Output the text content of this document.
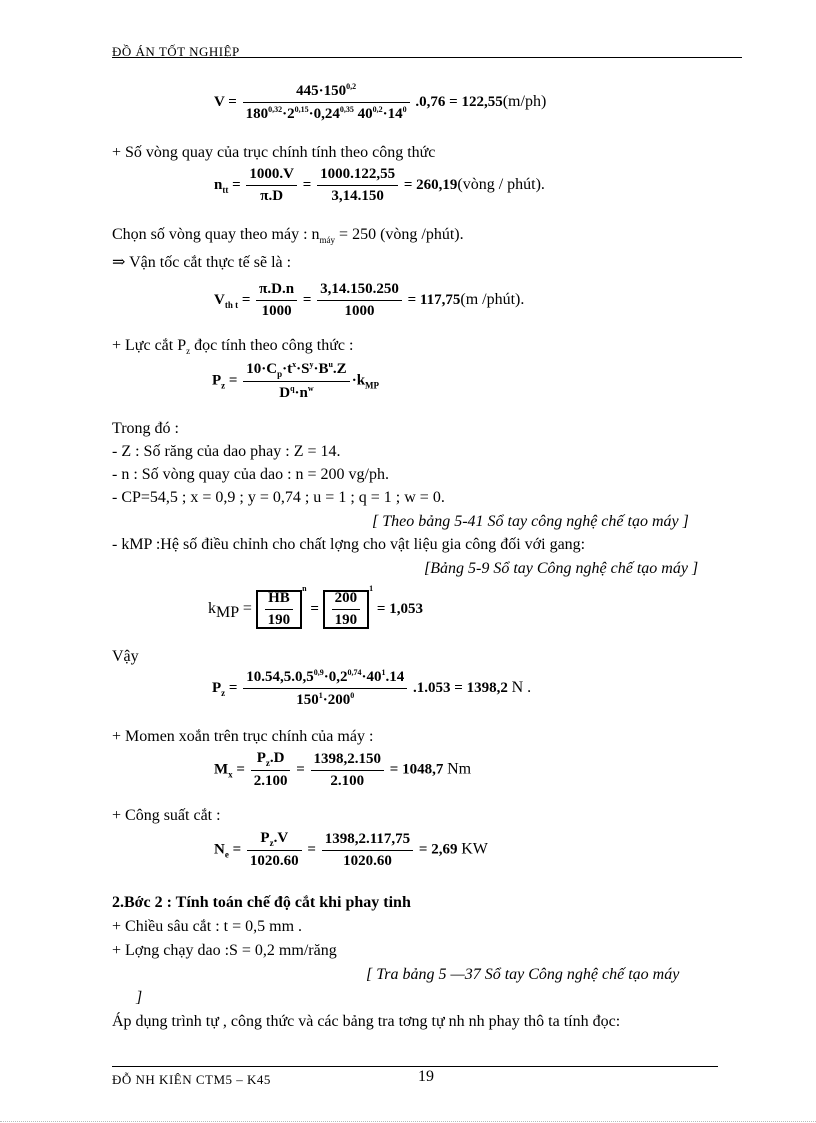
ĐỒ ÁN TỐT NGHIỆP
$V = \frac{445\cdot 150^{0,2}}{180^{0,32}\cdot 2^{0,15}\cdot 0,24^{0,35} 40^{0,2}\cdot 14^0} .0,76 = 122,55(m/ph)$
+ Số vòng quay của trục chính tính theo công thức
$n_{tt} = \frac{1000.V}{\pi.D} = \frac{1000.122,55}{3,14.150}$ = 260,19(vòng / phút).
Chọn số vòng quay theo máy : $n_{máy} = 250$ (vòng /phút).
⇒ Vận tốc cắt thực tế sẽ là :
$V_{th t} = \frac{\pi.D.n}{1000} = \frac{3,14.150.250}{1000} = 117,75(m$ /phút).
+ Lực cắt $P_z$ đọc tính theo công thức :
$P_z = \frac{10\cdot C_p\cdot t^x\cdot S^y\cdot B^u.Z}{D^q\cdot n^w} \cdot k_{MP}$
Trong đó :
- Z : Số răng của dao phay : Z = 14.
- n : Số vòng quay của dao : n = 200 vg/ph.
- CP=54,5 ; x = 0,9 ; y = 0,74 ; u = 1 ; q = 1 ; w = 0.
[ Theo bảng 5-41 Sổ tay công nghệ chế tạo máy ]
- kMP :Hệ số điều chỉnh cho chất lợng cho vật liệu gia công đối với gang:
[Bảng 5-9 Sổ tay Công nghệ chế tạo máy ]
$k_{MP} = \frac{HB}{190}$
$^n = \frac{200}{190}$
$^1$ = 1,053
Vậy
$P_z = \frac{10.54,5.0,5^{0,9}\cdot 0,2^{0,74}\cdot 40^1.14}{150^1\cdot 200^0} .1.053 = 1398,2$ N .
+ Momen xoắn trên trục chính của máy :
$M_x = \frac{P_z.D}{2.100} = \frac{1398,2.150}{2.100} = 1048,7$ Nm
+ Công suất cắt :
$N_e = \frac{P_z.V}{1020.60} = \frac{1398,2.117,75}{1020.60} = 2,69$ KW
2.Bớc 2 : Tính toán chế độ cắt khi phay tinh
+ Chiều sâu cắt : t = 0,5 mm .
+ Lợng chạy dao :S = 0,2 mm/răng
[ Tra bảng 5 —37 Sổ tay Công nghệ chế tạo máy
]
Áp dụng trình tự , công thức và các bảng tra tơng tự nh nh phay thô ta tính đọc:
ĐỖ NH KIÊN CTM5 – K45	19
